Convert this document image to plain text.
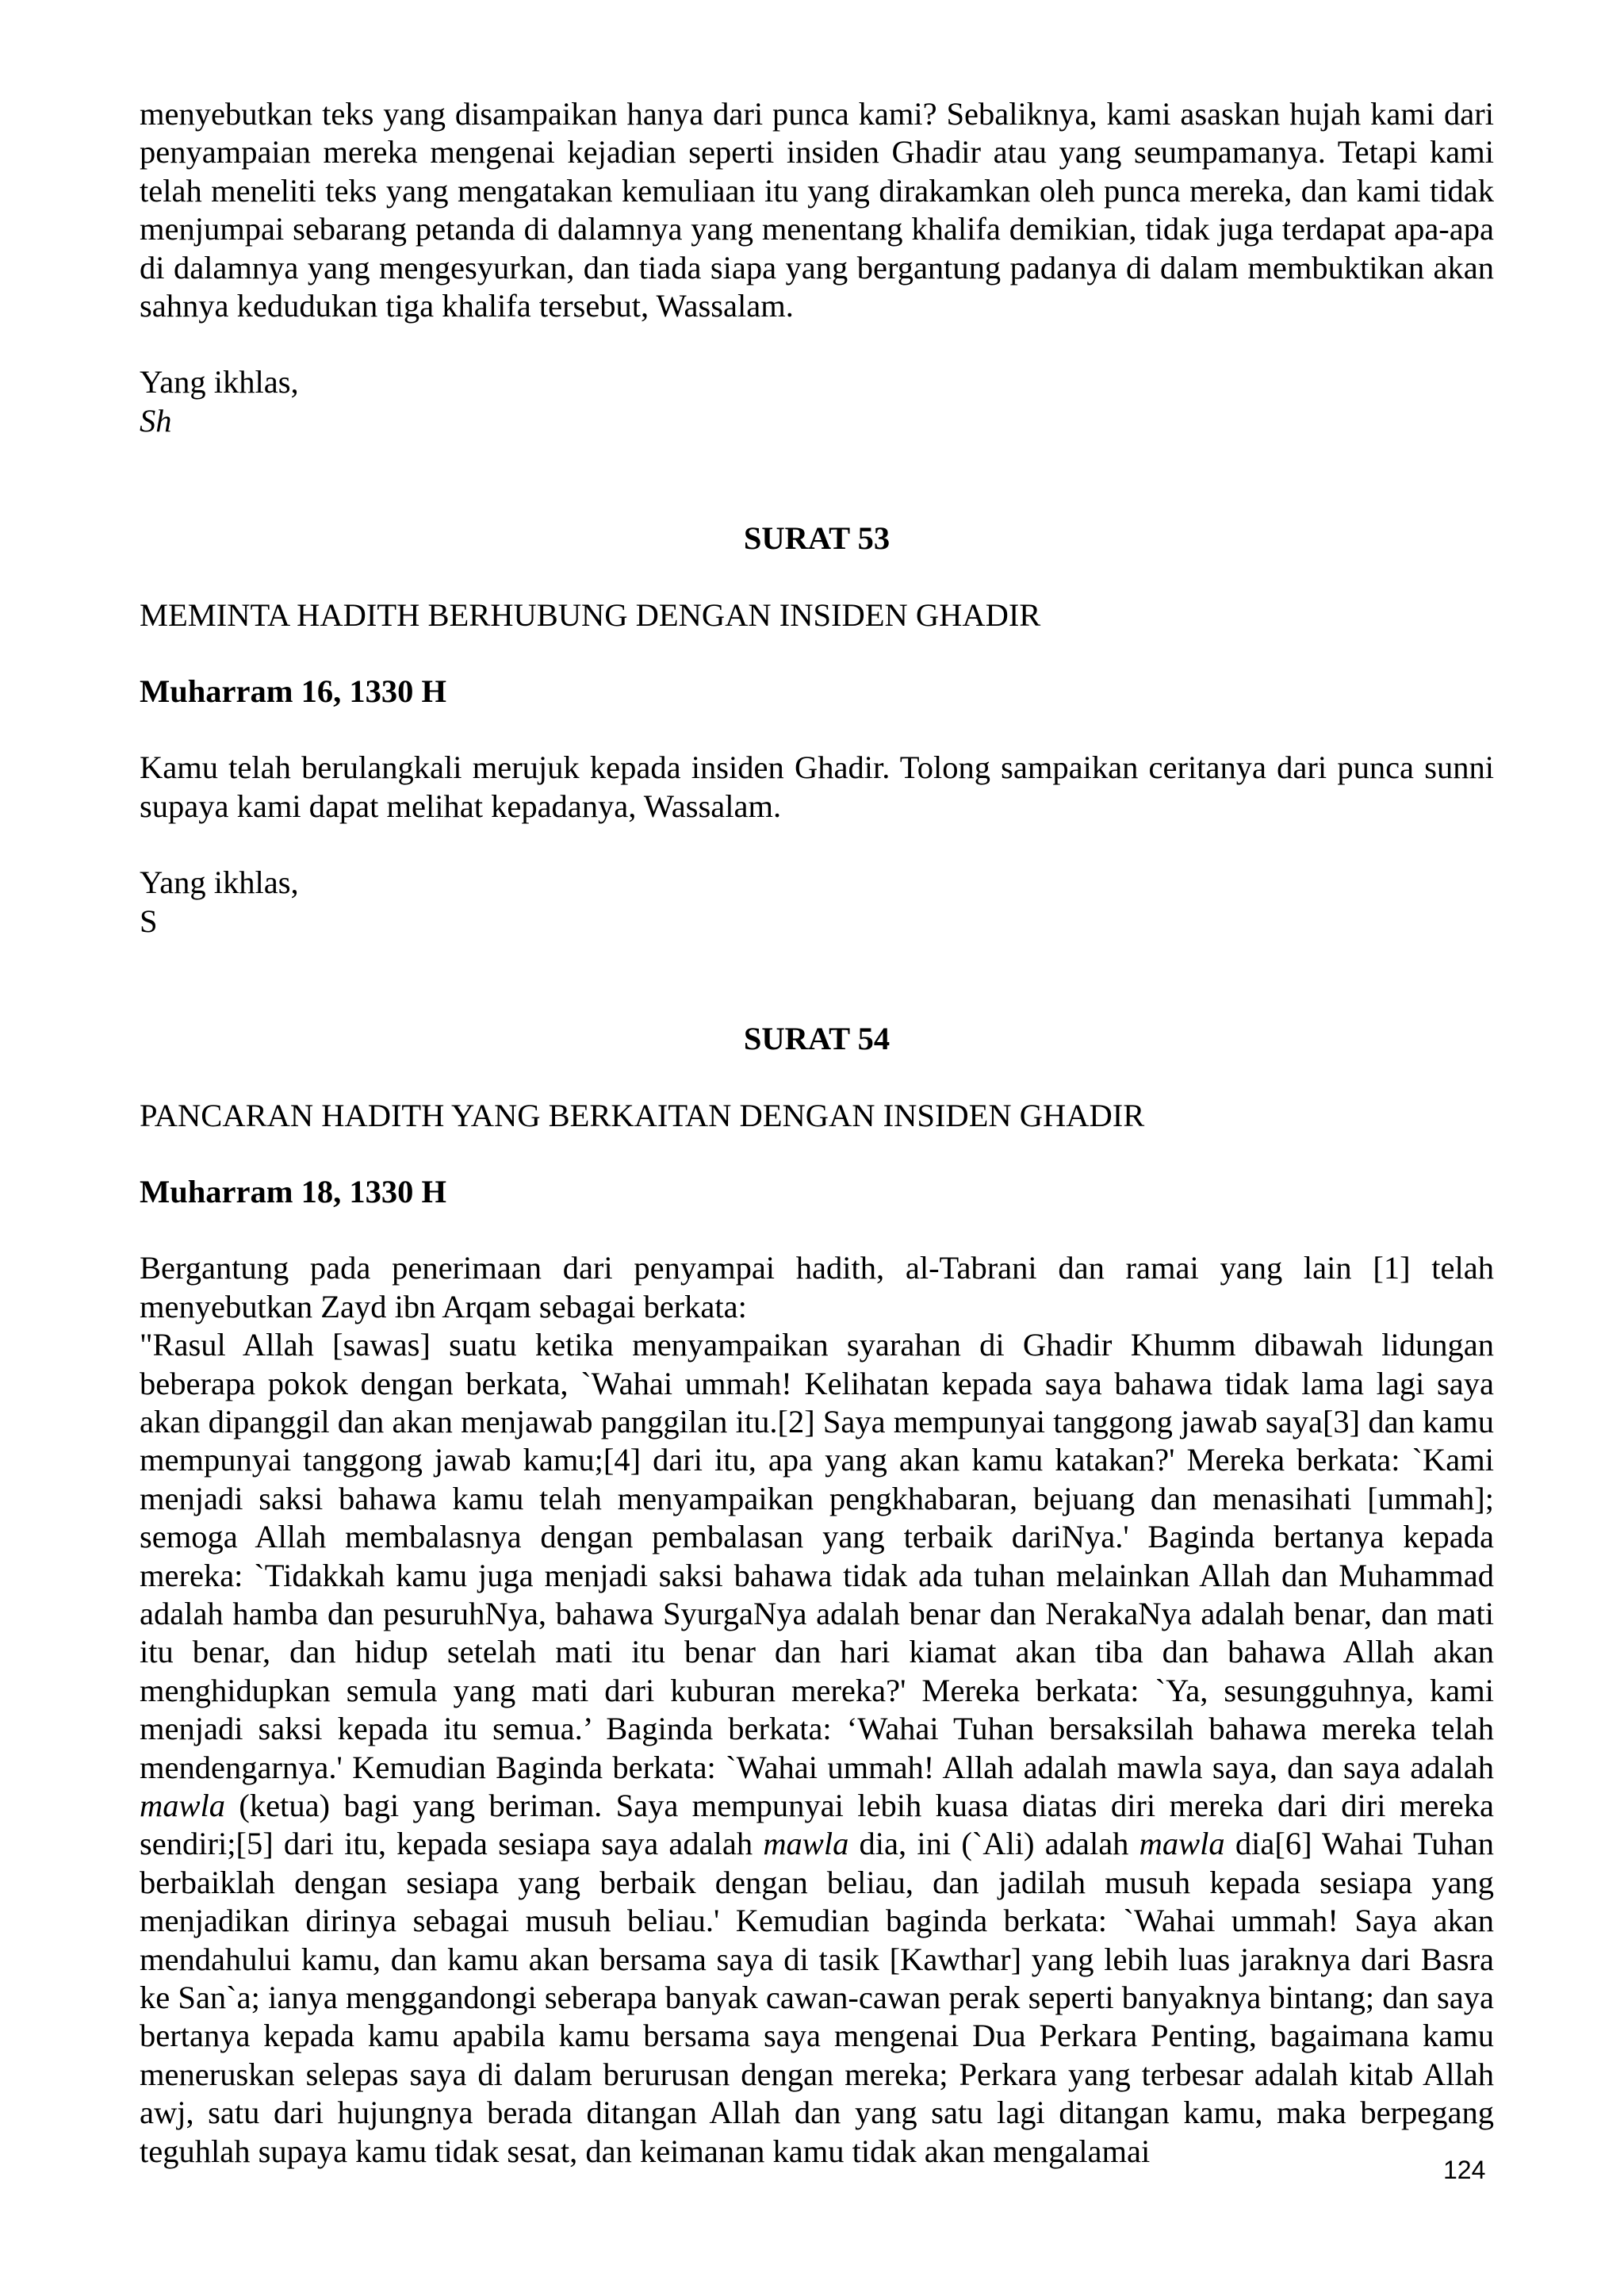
menyebutkan teks yang disampaikan hanya dari punca kami? Sebaliknya, kami asaskan hujah kami dari penyampaian mereka mengenai kejadian seperti insiden Ghadir atau yang seumpamanya. Tetapi kami telah meneliti teks yang mengatakan kemuliaan itu yang dirakamkan oleh punca mereka, dan kami tidak menjumpai sebarang petanda di dalamnya yang menentang khalifa demikian, tidak juga terdapat apa-apa di dalamnya yang mengesyurkan, dan tiada siapa yang bergantung padanya di dalam membuktikan akan sahnya kedudukan tiga khalifa tersebut, Wassalam.

Yang ikhlas,

Sh

SURAT 53

MEMINTA HADITH BERHUBUNG DENGAN INSIDEN GHADIR

Muharram 16, 1330 H

Kamu telah berulangkali merujuk kepada insiden Ghadir. Tolong sampaikan ceritanya dari punca sunni supaya kami dapat melihat kepadanya, Wassalam.

Yang ikhlas,

S

SURAT 54

PANCARAN HADITH YANG BERKAITAN DENGAN INSIDEN GHADIR

Muharram 18, 1330 H

Bergantung pada penerimaan dari penyampai hadith, al-Tabrani dan ramai yang lain [1] telah menyebutkan Zayd ibn Arqam sebagai berkata:

"Rasul Allah [sawas] suatu ketika menyampaikan syarahan di Ghadir Khumm dibawah lidungan beberapa pokok dengan berkata, `Wahai ummah! Kelihatan kepada saya bahawa tidak lama lagi saya akan dipanggil dan akan menjawab panggilan itu.[2] Saya mempunyai tanggong jawab saya[3] dan kamu mempunyai tanggong jawab kamu;[4] dari itu, apa yang akan kamu katakan?' Mereka berkata: `Kami menjadi saksi bahawa kamu telah menyampaikan pengkhabaran, bejuang dan menasihati [ummah]; semoga Allah membalasnya dengan pembalasan yang terbaik dariNya.' Baginda bertanya kepada mereka: `Tidakkah kamu juga menjadi saksi bahawa tidak ada tuhan melainkan Allah dan Muhammad adalah hamba dan pesuruhNya, bahawa SyurgaNya adalah benar dan NerakaNya adalah benar, dan mati itu benar, dan hidup setelah mati itu benar dan hari kiamat akan tiba dan bahawa Allah akan menghidupkan semula yang mati dari kuburan mereka?' Mereka berkata: `Ya, sesungguhnya, kami menjadi saksi kepada itu semua.’ Baginda berkata: ‘Wahai Tuhan bersaksilah bahawa mereka telah mendengarnya.' Kemudian Baginda berkata: `Wahai ummah! Allah adalah mawla saya, dan saya adalah mawla (ketua) bagi yang beriman. Saya mempunyai lebih kuasa diatas diri mereka dari diri mereka sendiri;[5] dari itu, kepada sesiapa saya adalah mawla dia, ini (`Ali) adalah mawla dia[6] Wahai Tuhan berbaiklah dengan sesiapa yang berbaik dengan beliau, dan jadilah musuh kepada sesiapa yang menjadikan dirinya sebagai musuh beliau.' Kemudian baginda berkata: `Wahai ummah! Saya akan mendahului kamu, dan kamu akan bersama saya di tasik [Kawthar] yang lebih luas jaraknya dari Basra ke San`a; ianya menggandongi seberapa banyak cawan-cawan perak seperti banyaknya bintang; dan saya bertanya kepada kamu apabila kamu bersama saya mengenai Dua Perkara Penting, bagaimana kamu meneruskan selepas saya di dalam berurusan dengan mereka; Perkara yang terbesar adalah kitab Allah awj, satu dari hujungnya berada ditangan Allah dan yang satu lagi ditangan kamu, maka berpegang teguhlah supaya kamu tidak sesat, dan keimanan kamu tidak akan mengalamai

124
